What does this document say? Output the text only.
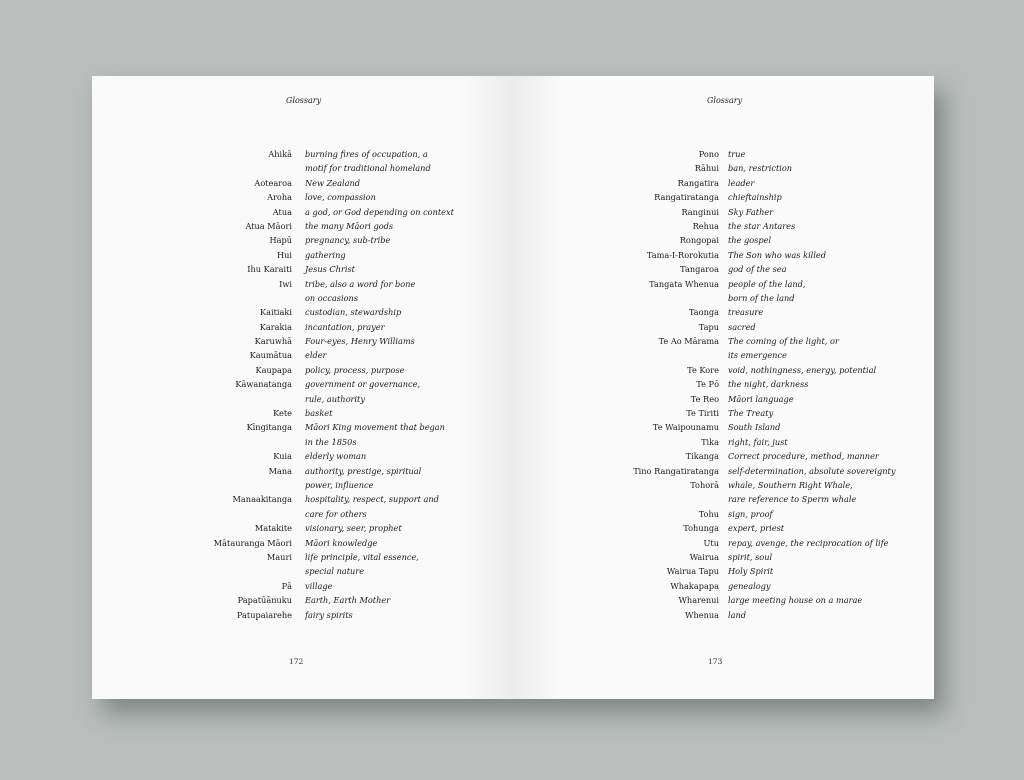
Glossary
Ahikā burning fires of occupation, a
motif for traditional homeland
Aotearoa New Zealand
Aroha love, compassion
Atua a god, or God depending on context
Atua Māori the many Māori gods
Hapū pregnancy, sub-tribe
Hui gathering
Ihu Karaiti Jesus Christ
Iwi tribe, also a word for bone
on occasions
Kaitiaki custodian, stewardship
Karakia incantation, prayer
Karuwhā Four-eyes, Henry Williams
Kaumātua elder
Kaupapa policy, process, purpose
Kāwanatanga government or governance,
rule, authority
Kete basket
Kīngitanga Māori King movement that began
in the 1850s
Kuia elderly woman
Mana authority, prestige, spiritual
power, influence
Manaakitanga hospitality, respect, support and
care for others
Matakite visionary, seer, prophet
Mātauranga Māori Māori knowledge
Mauri life principle, vital essence,
special nature
Pā village
Papatūānuku Earth, Earth Mother
Patupaiarehe fairy spirits
172
Glossary
Pono true
Rāhui ban, restriction
Rangatira leader
Rangatiratanga chieftainship
Ranginui Sky Father
Rehua the star Antares
Rongopai the gospel
Tama-I-Rorokutia The Son who was killed
Tangaroa god of the sea
Tangata Whenua people of the land,
born of the land
Taonga treasure
Tapu sacred
Te Ao Mārama The coming of the light, or
its emergence
Te Kore void, nothingness, energy, potential
Te Pō the night, darkness
Te Reo Māori language
Te Tiriti The Treaty
Te Waipounamu South Island
Tika right, fair, just
Tikanga Correct procedure, method, manner
Tino Rangatiratanga self-determination, absolute sovereignty
Tohorā whale, Southern Right Whale,
rare reference to Sperm whale
Tohu sign, proof
Tohunga expert, priest
Utu repay, avenge, the reciprocation of life
Wairua spirit, soul
Wairua Tapu Holy Spirit
Whakapapa genealogy
Wharenui large meeting house on a marae
Whenua land
173
